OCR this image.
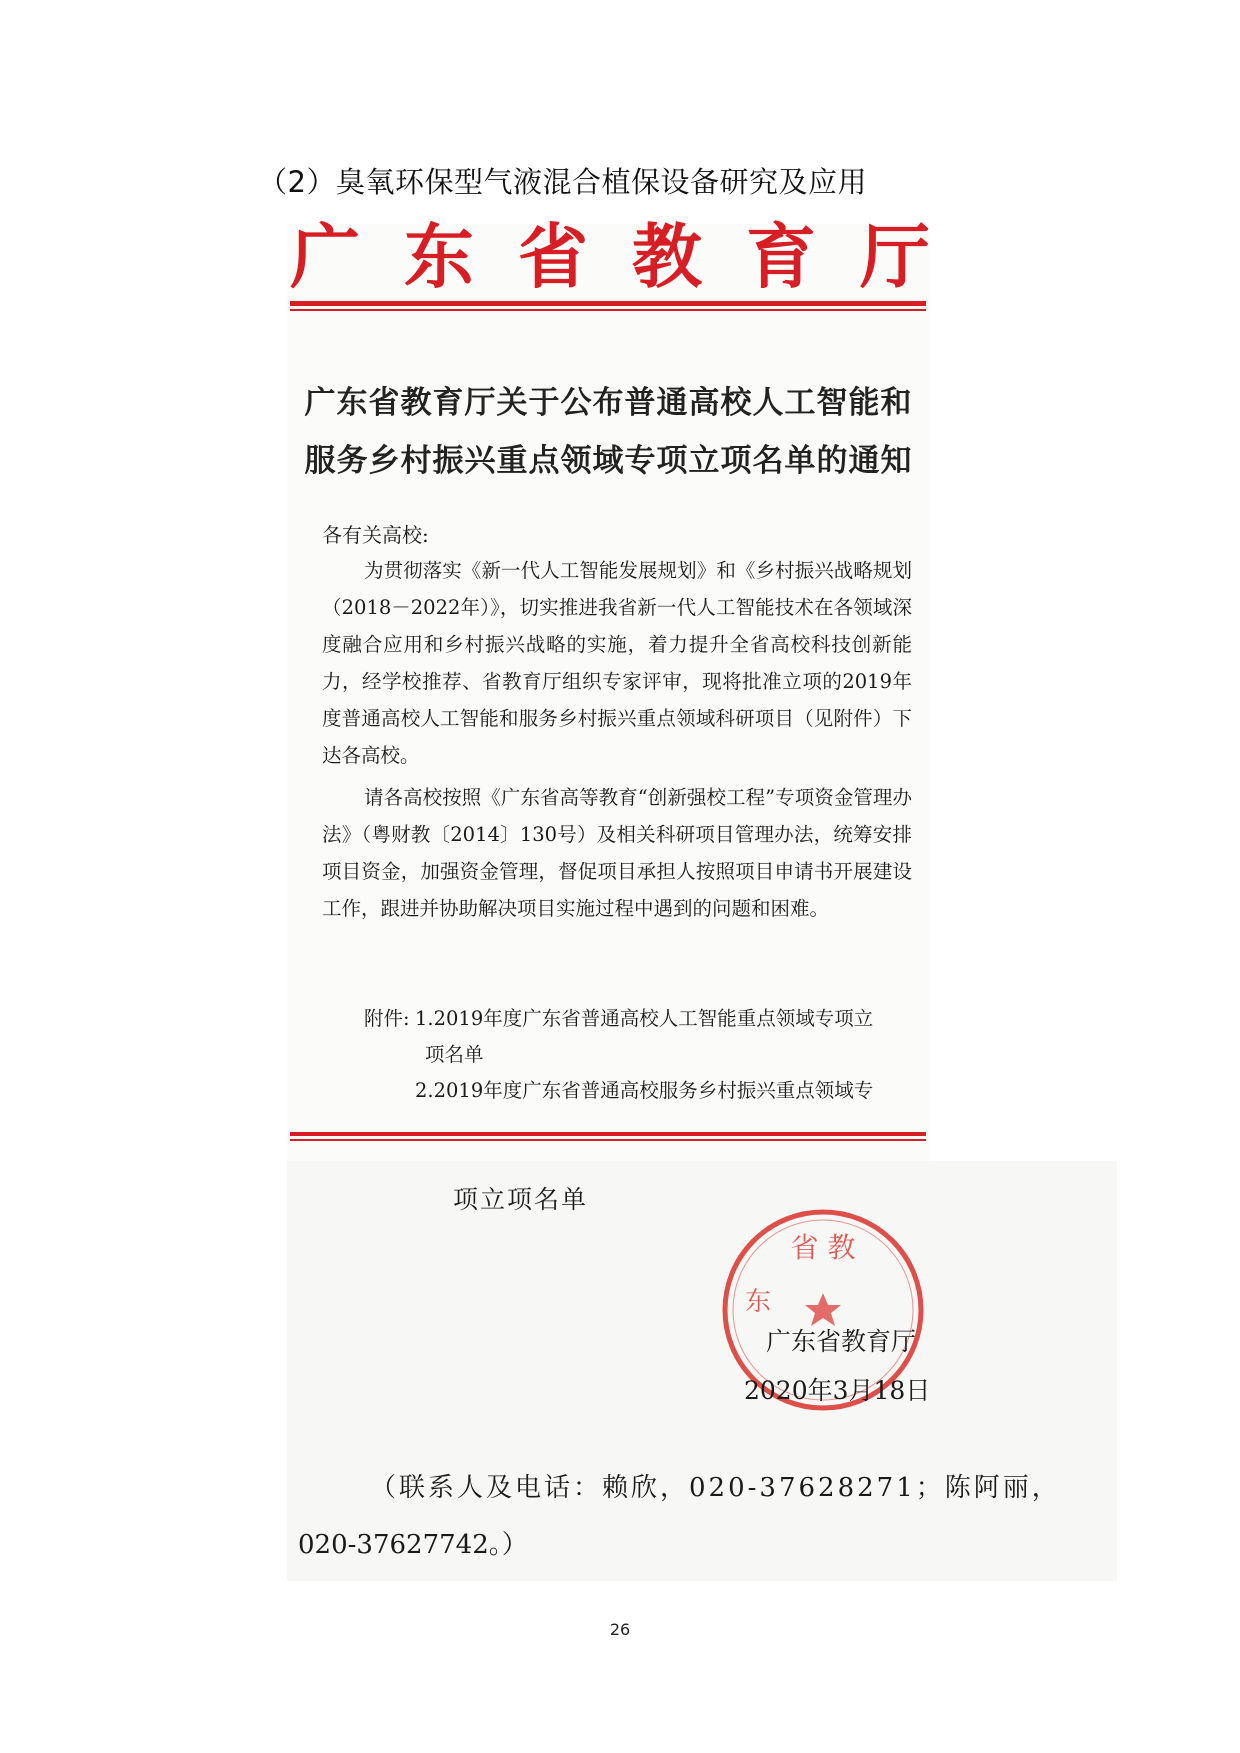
（2）臭氧环保型气液混合植保设备研究及应用
广 东 省 教 育 厅
广东省教育厅关于公布普通高校人工智能和
服务乡村振兴重点领域专项立项名单的通知
各有关高校:

为贯彻落实《新一代人工智能发展规划》和《乡村振兴战略规划（2018－2022年）》，切实推进我省新一代人工智能技术在各领域深度融合应用和乡村振兴战略的实施，着力提升全省高校科技创新能力，经学校推荐、省教育厅组织专家评审，现将批准立项的2019年度普通高校人工智能和服务乡村振兴重点领域科研项目（见附件）下达各高校。

请各高校按照《广东省高等教育“创新强校工程”专项资金管理办法》（粤财教〔2014〕130号）及相关科研项目管理办法，统筹安排项目资金，加强资金管理，督促项目承担人按照项目申请书开展建设工作，跟进并协助解决项目实施过程中遇到的问题和困难。

附件: 1.2019年度广东省普通高校人工智能重点领域专项立
项名单
2.2019年度广东省普通高校服务乡村振兴重点领域专
项立项名单
省 教
东
广东省教育厅
2020年3月18日
（联系人及电话：赖欣，020-37628271；陈阿丽，
020-37627742。）
26
